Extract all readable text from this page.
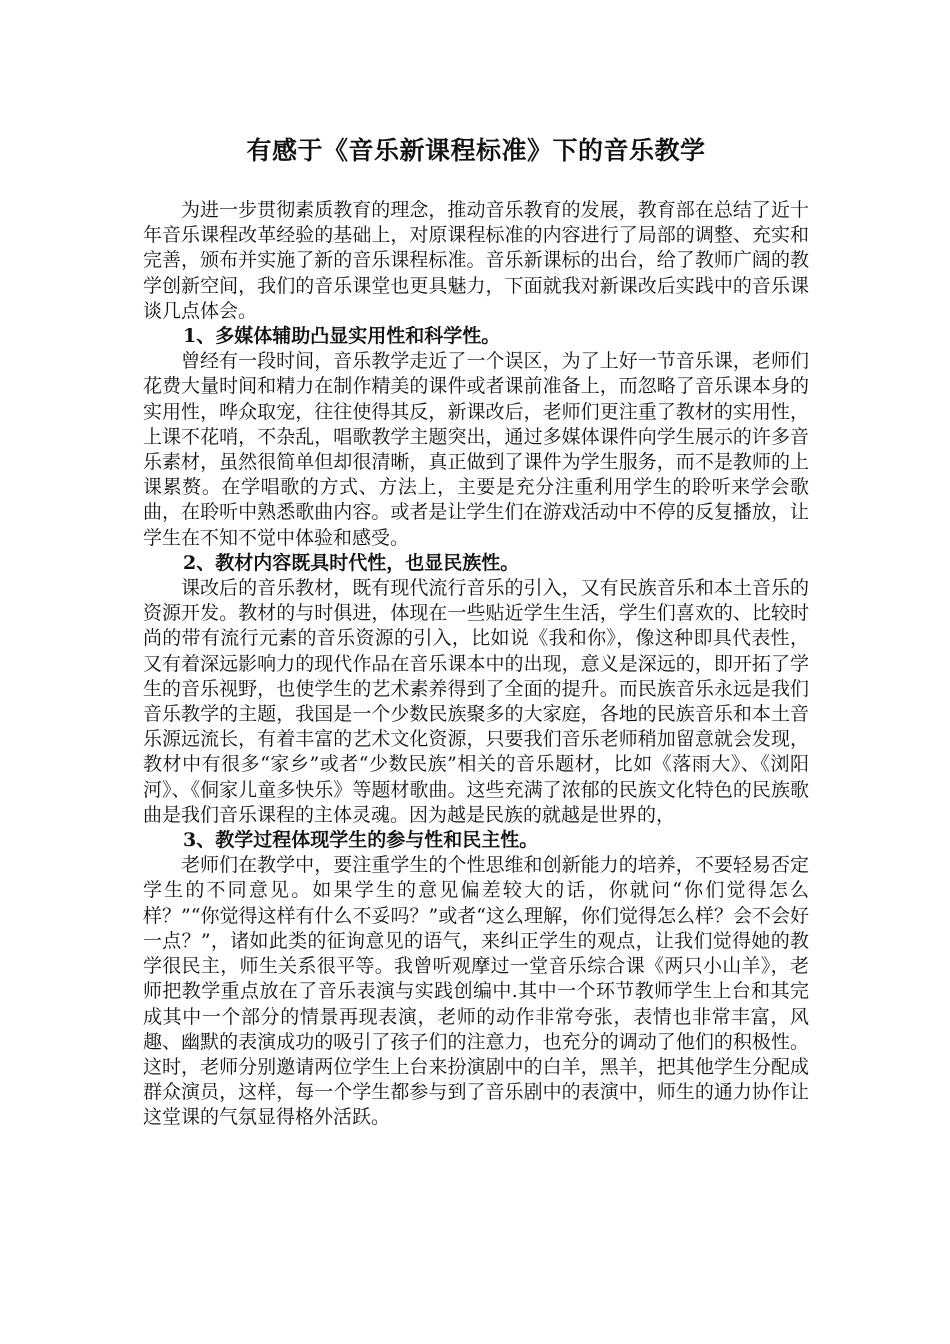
有感于《音乐新课程标准》下的音乐教学

为进一步贯彻素质教育的理念，推动音乐教育的发展，教育部在总结了近十年音乐课程改革经验的基础上，对原课程标准的内容进行了局部的调整、充实和完善，颁布并实施了新的音乐课程标准。音乐新课标的出台，给了教师广阔的教学创新空间，我们的音乐课堂也更具魅力，下面就我对新课改后实践中的音乐课谈几点体会。

1、多媒体辅助凸显实用性和科学性。

曾经有一段时间，音乐教学走近了一个误区，为了上好一节音乐课，老师们花费大量时间和精力在制作精美的课件或者课前准备上，而忽略了音乐课本身的实用性，哗众取宠，往往使得其反，新课改后，老师们更注重了教材的实用性，上课不花哨，不杂乱，唱歌教学主题突出，通过多媒体课件向学生展示的许多音乐素材，虽然很简单但却很清晰，真正做到了课件为学生服务，而不是教师的上课累赘。在学唱歌的方式、方法上，主要是充分注重利用学生的聆听来学会歌曲，在聆听中熟悉歌曲内容。或者是让学生们在游戏活动中不停的反复播放，让学生在不知不觉中体验和感受。

2、教材内容既具时代性，也显民族性。

课改后的音乐教材，既有现代流行音乐的引入，又有民族音乐和本土音乐的资源开发。教材的与时俱进，体现在一些贴近学生生活，学生们喜欢的、比较时尚的带有流行元素的音乐资源的引入，比如说《我和你》，像这种即具代表性，又有着深远影响力的现代作品在音乐课本中的出现，意义是深远的，即开拓了学生的音乐视野，也使学生的艺术素养得到了全面的提升。而民族音乐永远是我们音乐教学的主题，我国是一个少数民族聚多的大家庭，各地的民族音乐和本土音乐源远流长，有着丰富的艺术文化资源，只要我们音乐老师稍加留意就会发现，教材中有很多“家乡”或者“少数民族”相关的音乐题材，比如《落雨大》、《浏阳河》、《侗家儿童多快乐》等题材歌曲。这些充满了浓郁的民族文化特色的民族歌曲是我们音乐课程的主体灵魂。因为越是民族的就越是世界的，

3、教学过程体现学生的参与性和民主性。

老师们在教学中，要注重学生的个性思维和创新能力的培养，不要轻易否定学生的不同意见。如果学生的意见偏差较大的话，你就问“你们觉得怎么样？”“你觉得这样有什么不妥吗？”或者“这么理解，你们觉得怎么样？会不会好一点？”，诸如此类的征询意见的语气，来纠正学生的观点，让我们觉得她的教学很民主，师生关系很平等。我曾听观摩过一堂音乐综合课《两只小山羊》，老师把教学重点放在了音乐表演与实践创编中.其中一个环节教师学生上台和其完成其中一个部分的情景再现表演，老师的动作非常夸张，表情也非常丰富，风趣、幽默的表演成功的吸引了孩子们的注意力，也充分的调动了他们的积极性。这时，老师分别邀请两位学生上台来扮演剧中的白羊，黑羊，把其他学生分配成群众演员，这样，每一个学生都参与到了音乐剧中的表演中，师生的通力协作让这堂课的气氛显得格外活跃。
